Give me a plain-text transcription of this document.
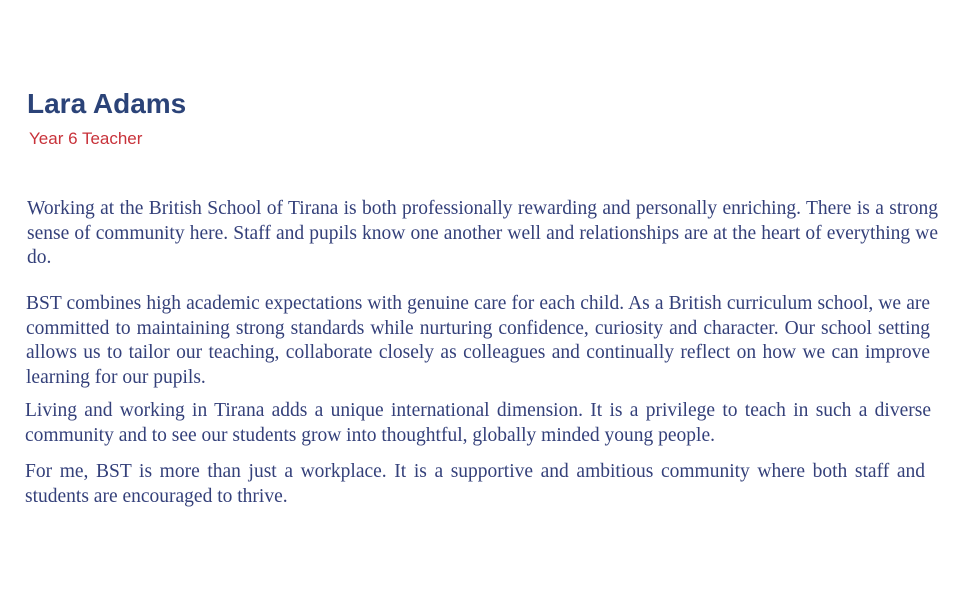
Lara Adams
Year 6 Teacher

Working at the British School of Tirana is both professionally rewarding and personally enriching. There is a strong sense of community here. Staff and pupils know one another well and relationships are at the heart of everything we do.

BST combines high academic expectations with genuine care for each child. As a British curriculum school, we are committed to maintaining strong standards while nurturing confidence, curiosity and character. Our school setting allows us to tailor our teaching, collaborate closely as colleagues and continually reflect on how we can improve learning for our pupils.

Living and working in Tirana adds a unique international dimension. It is a privilege to teach in such a diverse community and to see our students grow into thoughtful, globally minded young people.

For me, BST is more than just a workplace. It is a supportive and ambitious community where both staff and students are encouraged to thrive.
